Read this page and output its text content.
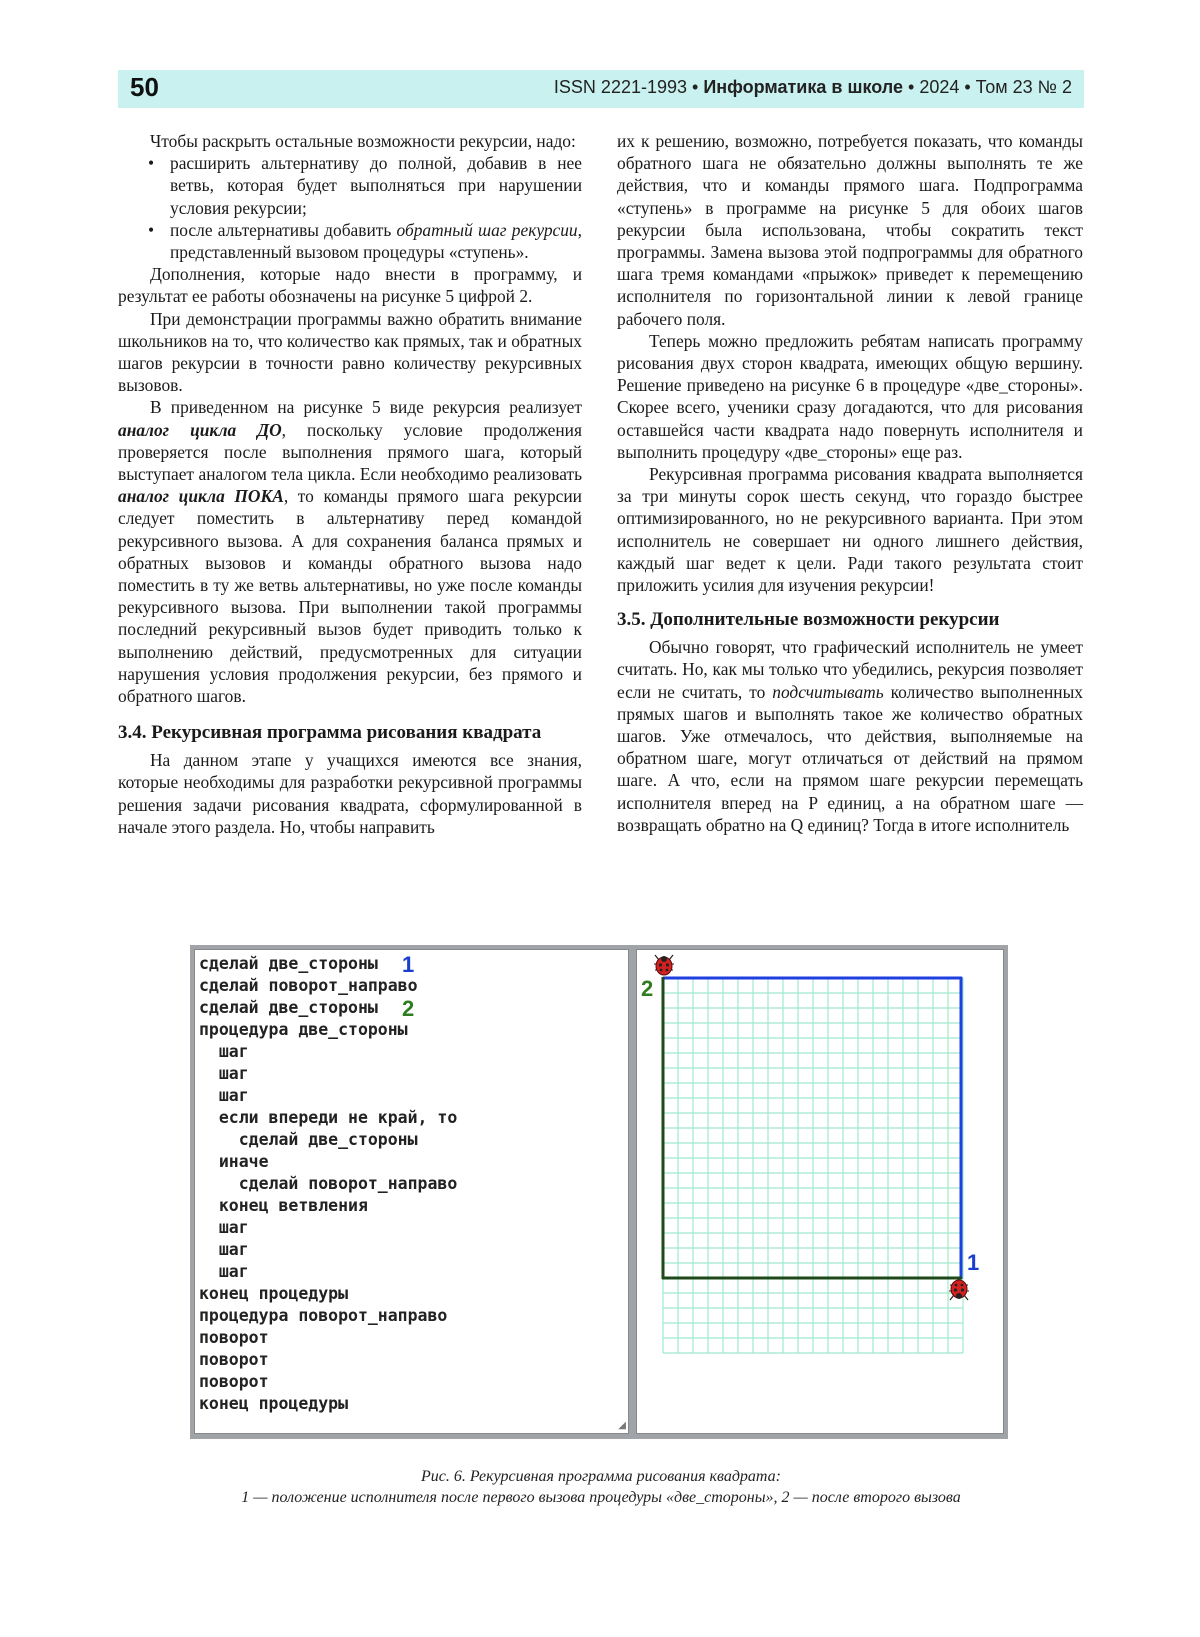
50	ISSN 2221-1993 • Информатика в школе • 2024 • Том 23 № 2

Чтобы раскрыть остальные возможности рекурсии, надо:

• расширить альтернативу до полной, добавив в нее ветвь, которая будет выполняться при нарушении условия рекурсии;
• после альтернативы добавить обратный шаг рекурсии, представленный вызовом процедуры «ступень».

Дополнения, которые надо внести в программу, и результат ее работы обозначены на рисунке 5 цифрой 2.

При демонстрации программы важно обратить внимание школьников на то, что количество как прямых, так и обратных шагов рекурсии в точности равно количеству рекурсивных вызовов.

В приведенном на рисунке 5 виде рекурсия реализует аналог цикла ДО, поскольку условие продолжения проверяется после выполнения прямого шага, который выступает аналогом тела цикла. Если необходимо реализовать аналог цикла ПОКА, то команды прямого шага рекурсии следует поместить в альтернативу перед командой рекурсивного вызова. А для сохранения баланса прямых и обратных вызовов и команды обратного вызова надо поместить в ту же ветвь альтернативы, но уже после команды рекурсивного вызова. При выполнении такой программы последний рекурсивный вызов будет приводить только к выполнению действий, предусмотренных для ситуации нарушения условия продолжения рекурсии, без прямого и обратного шагов.

3.4. Рекурсивная программа рисования квадрата

На данном этапе у учащихся имеются все знания, которые необходимы для разработки рекурсивной программы решения задачи рисования квадрата, сформулированной в начале этого раздела. Но, чтобы направить

их к решению, возможно, потребуется показать, что команды обратного шага не обязательно должны выполнять те же действия, что и команды прямого шага. Подпрограмма «ступень» в программе на рисунке 5 для обоих шагов рекурсии была использована, чтобы сократить текст программы. Замена вызова этой подпрограммы для обратного шага тремя командами «прыжок» приведет к перемещению исполнителя по горизонтальной линии к левой границе рабочего поля.

Теперь можно предложить ребятам написать программу рисования двух сторон квадрата, имеющих общую вершину. Решение приведено на рисунке 6 в процедуре «две_стороны». Скорее всего, ученики сразу догадаются, что для рисования оставшейся части квадрата надо повернуть исполнителя и выполнить процедуру «две_стороны» еще раз.

Рекурсивная программа рисования квадрата выполняется за три минуты сорок шесть секунд, что гораздо быстрее оптимизированного, но не рекурсивного варианта. При этом исполнитель не совершает ни одного лишнего действия, каждый шаг ведет к цели. Ради такого результата стоит приложить усилия для изучения рекурсии!

3.5. Дополнительные возможности рекурсии

Обычно говорят, что графический исполнитель не умеет считать. Но, как мы только что убедились, рекурсия позволяет если не считать, то подсчитывать количество выполненных прямых шагов и выполнять такое же количество обратных шагов. Уже отмечалось, что действия, выполняемые на обратном шаге, могут отличаться от действий на прямом шаге. А что, если на прямом шаге рекурсии перемещать исполнителя вперед на P единиц, а на обратном шаге — возвращать обратно на Q единиц? Тогда в итоге исполнитель

сделай две_стороны
сделай поворот_направо
сделай две_стороны
процедура две_стороны
шаг
шаг
шаг
если впереди не край, то
сделай две_стороны
иначе
сделай поворот_направо
конец ветвления
шаг
шаг
шаг
конец процедуры
процедура поворот_направо
поворот
поворот
поворот
конец процедуры
1
2
◢
2
1
Рис. 6. Рекурсивная программа рисования квадрата:
1 — положение исполнителя после первого вызова процедуры «две_стороны», 2 — после второго вызова
